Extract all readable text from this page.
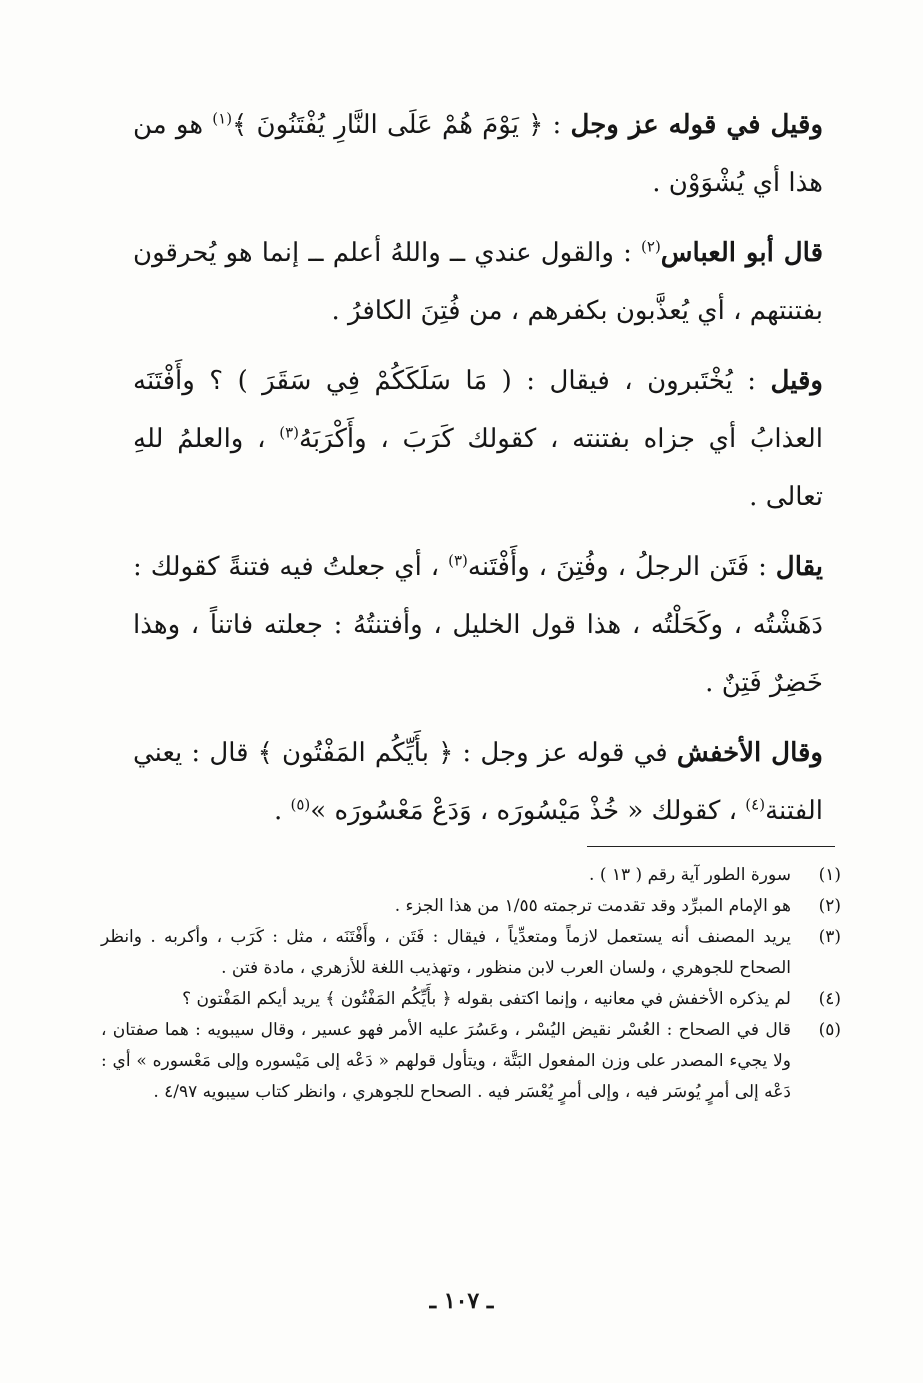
وقيل في قوله عز وجل : ﴿ يَوْمَ هُمْ عَلَى النَّارِ يُفْتَنُونَ ﴾$^{(١)}$ هو من هذا أي يُشْوَوْن .

قال أبو العباس$^{(٢)}$ : والقول عندي ــ واللهُ أعلم ــ إنما هو يُحرقون بفتنتهم ، أي يُعذَّبون بكفرهم ، من فُتِنَ الكافرُ .

وقيل : يُخْتَبرون ، فيقال : ( مَا سَلَكَكُمْ فِي سَقَرَ ) ؟ وأَفْتَنَه العذابُ أي جزاه بفتنته ، كقولك كَرَبَ ، وأَكْرَبَهُ$^{(٣)}$ ، والعلمُ للهِ تعالى .

يقال : فَتَن الرجلُ ، وفُتِنَ ، وأَفْتَنه$^{(٣)}$ ، أي جعلتُ فيه فتنةً كقولك : دَهَشْتُه ، وكَحَلْتُه ، هذا قول الخليل ، وأفتنتُهُ : جعلته فاتناً ، وهذا خَضِرٌ فَتِنٌ .

وقال الأخفش في قوله عز وجل : ﴿ بأَيِّكُم المَفْتُون ﴾ قال : يعني الفتنة$^{(٤)}$ ، كقولك « خُذْ مَيْسُورَه ، وَدَعْ مَعْسُورَه »$^{(٥)}$ .

(١)
سورة الطور آية رقم ( ١٣ ) .
(٢)
هو الإمام المبرِّد وقد تقدمت ترجمته ١/٥٥ من هذا الجزء .
(٣)
يريد المصنف أنه يستعمل لازماً ومتعدِّياً ، فيقال : فَتَن ، وأَفْتَنَه ، مثل : كَرَب ، وأكربه . وانظر الصحاح للجوهري ، ولسان العرب لابن منظور ، وتهذيب اللغة للأزهري ، مادة فتن .
(٤)
لم يذكره الأخفش في معانيه ، وإنما اكتفى بقوله ﴿ بأَيِّكُم المَفْتُون ﴾ يريد أيكم المَفْتون ؟
(٥)
قال في الصحاح : العُسْر نقيض اليُسْر ، وعَسُرَ عليه الأمر فهو عسير ، وقال سيبويه : هما صفتان ، ولا يجيء المصدر على وزن المفعول البَتَّة ، ويتأول قولهم « دَعْه إلى مَيْسوره وإلى مَعْسوره » أي : دَعْه إلى أمرٍ يُوسَر فيه ، وإلى أمرٍ يُعْسَر فيه . الصحاح للجوهري ، وانظر كتاب سيبويه ٤/٩٧ .
ـ ١٠٧ ـ
